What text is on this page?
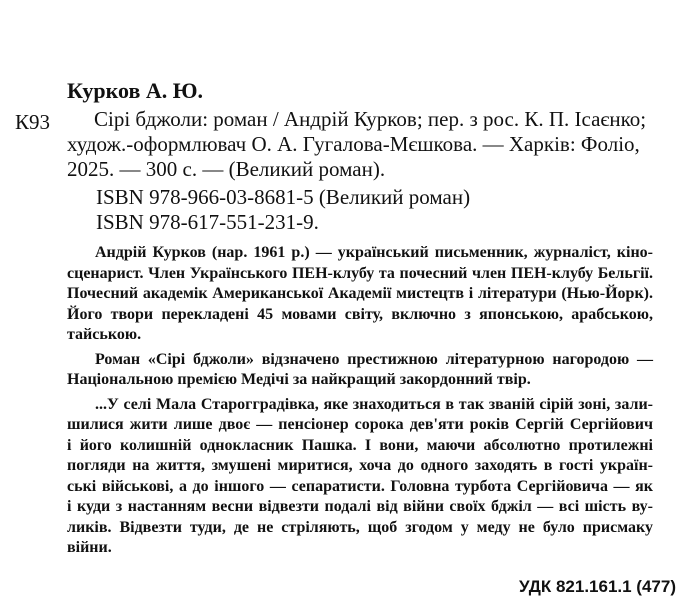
Курков А. Ю.
К93	Сірі бджоли: роман / Андрій Курков; пер. з рос. К. П. Ісаєнко;
худож.-оформлювач О. А. Гугалова-Мєшкова. — Харків: Фоліо,
2025. — 300 с. — (Великий роман).
ISBN 978-966-03-8681-5 (Великий роман)
ISBN 978-617-551-231-9.
Андрій Курков (нар. 1961 р.) — український письменник, журналіст, кіно-
сценарист. Член Українського ПЕН-клубу та почесний член ПЕН-клубу Бельгії.
Почесний академік Американської Академії мистецтв і літератури (Нью-Йорк).
Його твори перекладені 45 мовами світу, включно з японською, арабською,
тайською.
Роман «Сірі бджоли» відзначено престижною літературною нагородою —
Національною премією Медічі за найкращий закордонний твір.
...У селі Мала Старогградівка, яке знаходиться в так званій сірій зоні, зали-
шилися жити лише двоє — пенсіонер сорока дев'яти років Сергій Сергійович
і його колишній однокласник Пашка. І вони, маючи абсолютно протилежні
погляди на життя, змушені миритися, хоча до одного заходять в гості україн-
ські військові, а до іншого — сепаратисти. Головна турбота Сергійовича — як
і куди з настанням весни відвезти подалі від війни своїх бджіл — всі шість ву-
ликів. Відвезти туди, де не стріляють, щоб згодом у меду не було присмаку
війни.
УДК 821.161.1 (477)
